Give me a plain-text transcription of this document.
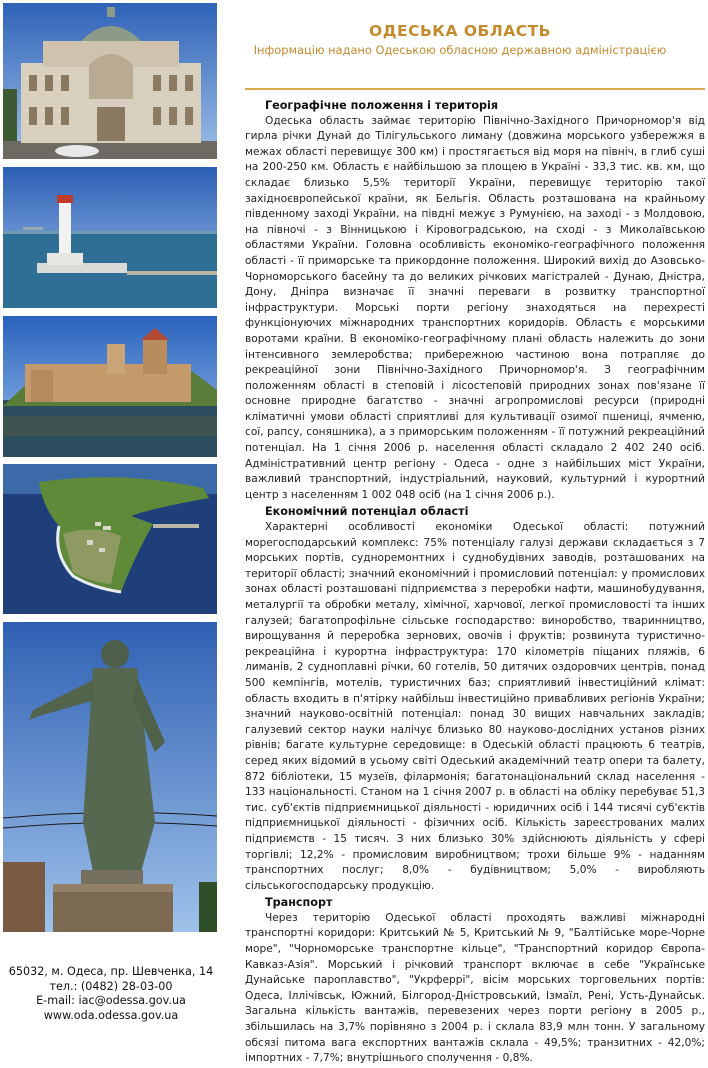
65032, м. Одеса, пр. Шевченка, 14
тел.: (0482) 28-03-00
E-mail: iac@odessa.gov.ua
www.oda.odessa.gov.ua
ОДЕСЬКА ОБЛАСТЬ

Інформацію надано Одеською обласною державною адміністрацією

Географічне положення і територія

Одеська область займає територію Північно-Західного Причорномор'я від гирла річки Дунай до Тілігульського лиману (довжина морського узбережжя в межах області перевищує 300 км) і простягається від моря на північ, в глиб суші на 200-250 км. Область є найбільшою за площею в Україні - 33,3 тис. кв. км, що складає близько 5,5% території України, перевищує територію такої західноєвропейської країни, як Бельгія. Область розташована на крайньому південному заході України, на півдні межує з Румунією, на заході - з Молдовою, на півночі - з Вінницькою і Кіровоградською, на сході - з Миколаївською областями України. Головна особливість економіко-географічного положення області - її приморське та прикордонне положення. Широкий вихід до Азовсько-Чорноморського басейну та до великих річкових магістралей - Дунаю, Дністра, Дону, Дніпра визначає її значні переваги в розвитку транспортної інфраструктури. Морські порти регіону знаходяться на перехресті функціонуючих міжнародних транспортних коридорів. Область є морськими воротами країни. В економіко-географічному плані область належить до зони інтенсивного землеробства; прибережною частиною вона потрапляє до рекреаційної зони Північно-Західного Причорномор'я. З географічним положенням області в степовій і лісостеповій природних зонах пов'язане її основне природне багатство - значні агропромислові ресурси (природні кліматичні умови області сприятливі для культивації озимої пшениці, ячменю, сої, рапсу, соняшника), а з приморським положенням - її потужний рекреаційний потенціал. На 1 січня 2006 р. населення області складало 2 402 240 осіб. Адміністративний центр регіону - Одеса - одне з найбільших міст України, важливий транспортний, індустріальний, науковий, культурний і курортний центр з населенням 1 002 048 осіб (на 1 січня 2006 р.).

Економічний потенціал області

Характерні особливості економіки Одеської області: потужний морегосподарський комплекс: 75% потенціалу галузі держави складається з 7 морських портів, судноремонтних і суднобудівних заводів, розташованих на території області; значний економічний і промисловий потенціал: у промислових зонах області розташовані підприємства з переробки нафти, машинобудування, металургії та обробки металу, хімічної, харчової, легкої промисловості та інших галузей; багатопрофільне сільське господарство: виноробство, тваринництво, вирощування й переробка зернових, овочів і фруктів; розвинута туристично-рекреаційна і курортна інфраструктура: 170 кілометрів піщаних пляжів, 6 лиманів, 2 судноплавні річки, 60 готелів, 50 дитячих оздоровчих центрів, понад 500 кемпінгів, мотелів, туристичних баз; сприятливий інвестиційний клімат: область входить в п'ятірку найбільш інвестиційно привабливих регіонів України; значний науково-освітній потенціал: понад 30 вищих навчальних закладів; галузевий сектор науки налічує близько 80 науково-дослідних установ різних рівнів; багате культурне середовище: в Одеській області працюють 6 театрів, серед яких відомий в усьому світі Одеський академічний театр опери та балету, 872 бібліотеки, 15 музеїв, філармонія; багатонаціональний склад населення - 133 національності. Станом на 1 січня 2007 р. в області на обліку перебуває 51,3 тис. суб'єктів підприємницької діяльності - юридичних осіб і 144 тисячі суб'єктів підприємницької діяльності - фізичних осіб. Кількість зареєстрованих малих підприємств - 15 тисяч. З них близько 30% здійснюють діяльність у сфері торгівлі; 12,2% - промисловим виробництвом; трохи більше 9% - наданням транспортних послуг; 8,0% - будівництвом; 5,0% - виробляють сільськогосподарську продукцію.

Транспорт

Через територію Одеської області проходять важливі міжнародні транспортні коридори: Критський № 5, Критський № 9, "Балтійське море-Чорне море", "Чорноморське транспортне кільце", "Транспортний коридор Європа-Кавказ-Азія". Морський і річковий транспорт включає в себе "Українське Дунайське пароплавство", "Укрферрі", вісім морських торговельних портів: Одеса, Іллічівськ, Южний, Білгород-Дністровський, Ізмаїл, Рені, Усть-Дунайськ. Загальна кількість вантажів, перевезених через порти регіону в 2005 р., збільшилась на 3,7% порівняно з 2004 р. і склала 83,9 млн тонн. У загальному обсязі питома вага експортних вантажів склала - 49,5%; транзитних - 42,0%; імпортних - 7,7%; внутрішнього сполучення - 0,8%.
